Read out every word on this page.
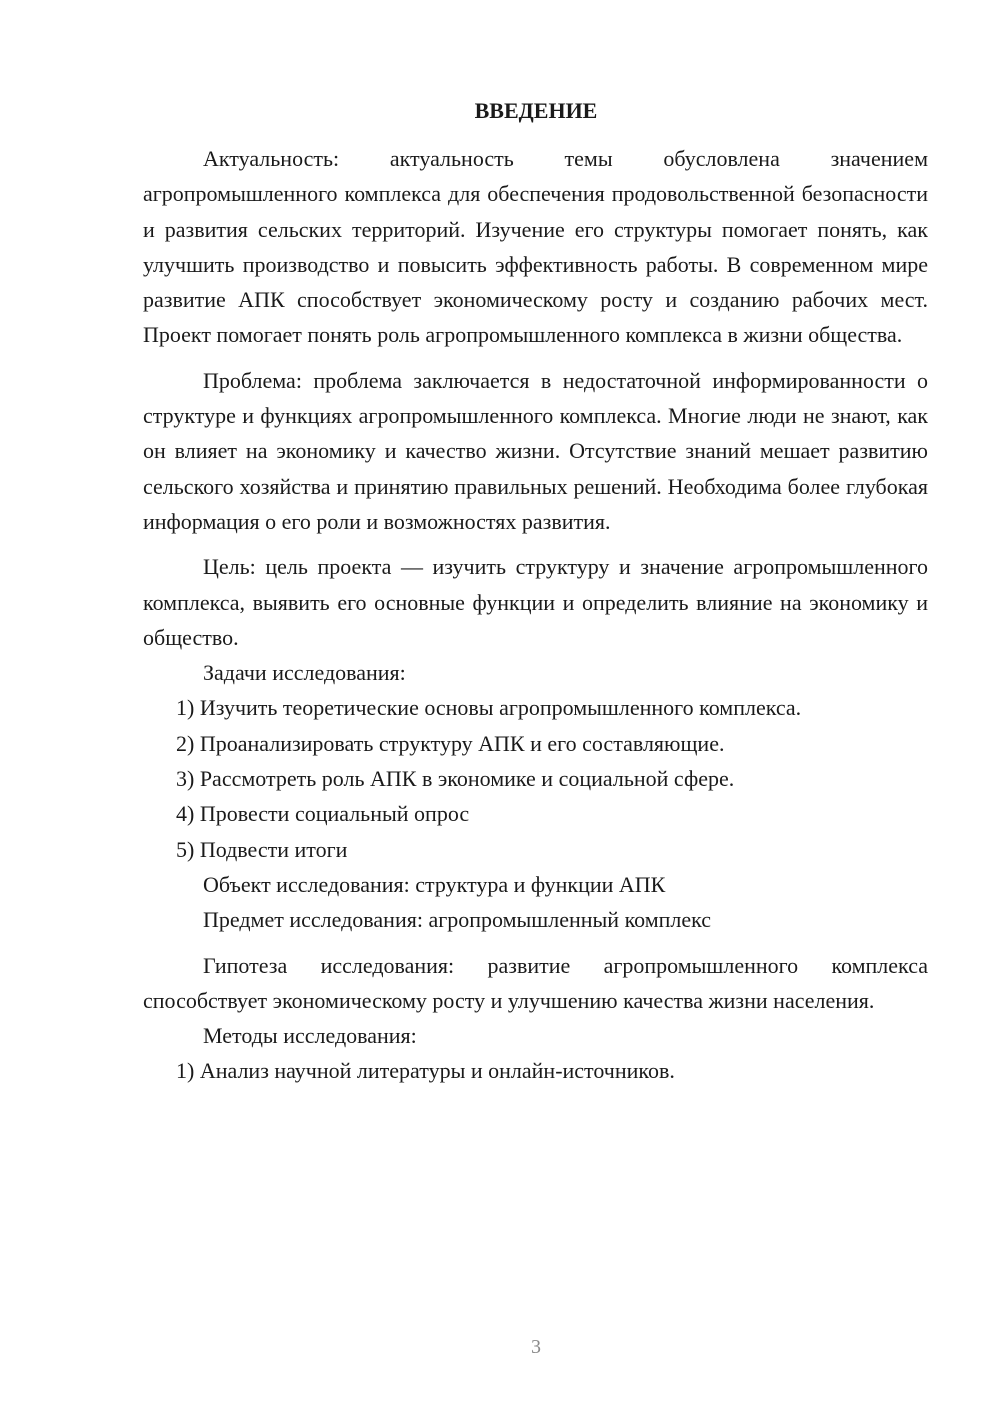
ВВЕДЕНИЕ

Актуальность: актуальность темы обусловлена значением агропромышленного комплекса для обеспечения продовольственной безопасности и развития сельских территорий. Изучение его структуры помогает понять, как улучшить производство и повысить эффективность работы. В современном мире развитие АПК способствует экономическому росту и созданию рабочих мест. Проект помогает понять роль агропромышленного комплекса в жизни общества.

Проблема: проблема заключается в недостаточной информированности о структуре и функциях агропромышленного комплекса. Многие люди не знают, как он влияет на экономику и качество жизни. Отсутствие знаний мешает развитию сельского хозяйства и принятию правильных решений. Необходима более глубокая информация о его роли и возможностях развития.

Цель: цель проекта — изучить структуру и значение агропромышленного комплекса, выявить его основные функции и определить влияние на экономику и общество.

Задачи исследования:

1) Изучить теоретические основы агропромышленного комплекса.

2) Проанализировать структуру АПК и его составляющие.

3) Рассмотреть роль АПК в экономике и социальной сфере.

4) Провести социальный опрос

5) Подвести итоги

Объект исследования: структура и функции АПК

Предмет исследования: агропромышленный комплекс

Гипотеза исследования: развитие агропромышленного комплекса способствует экономическому росту и улучшению качества жизни населения.

Методы исследования:

1) Анализ научной литературы и онлайн-источников.

3
